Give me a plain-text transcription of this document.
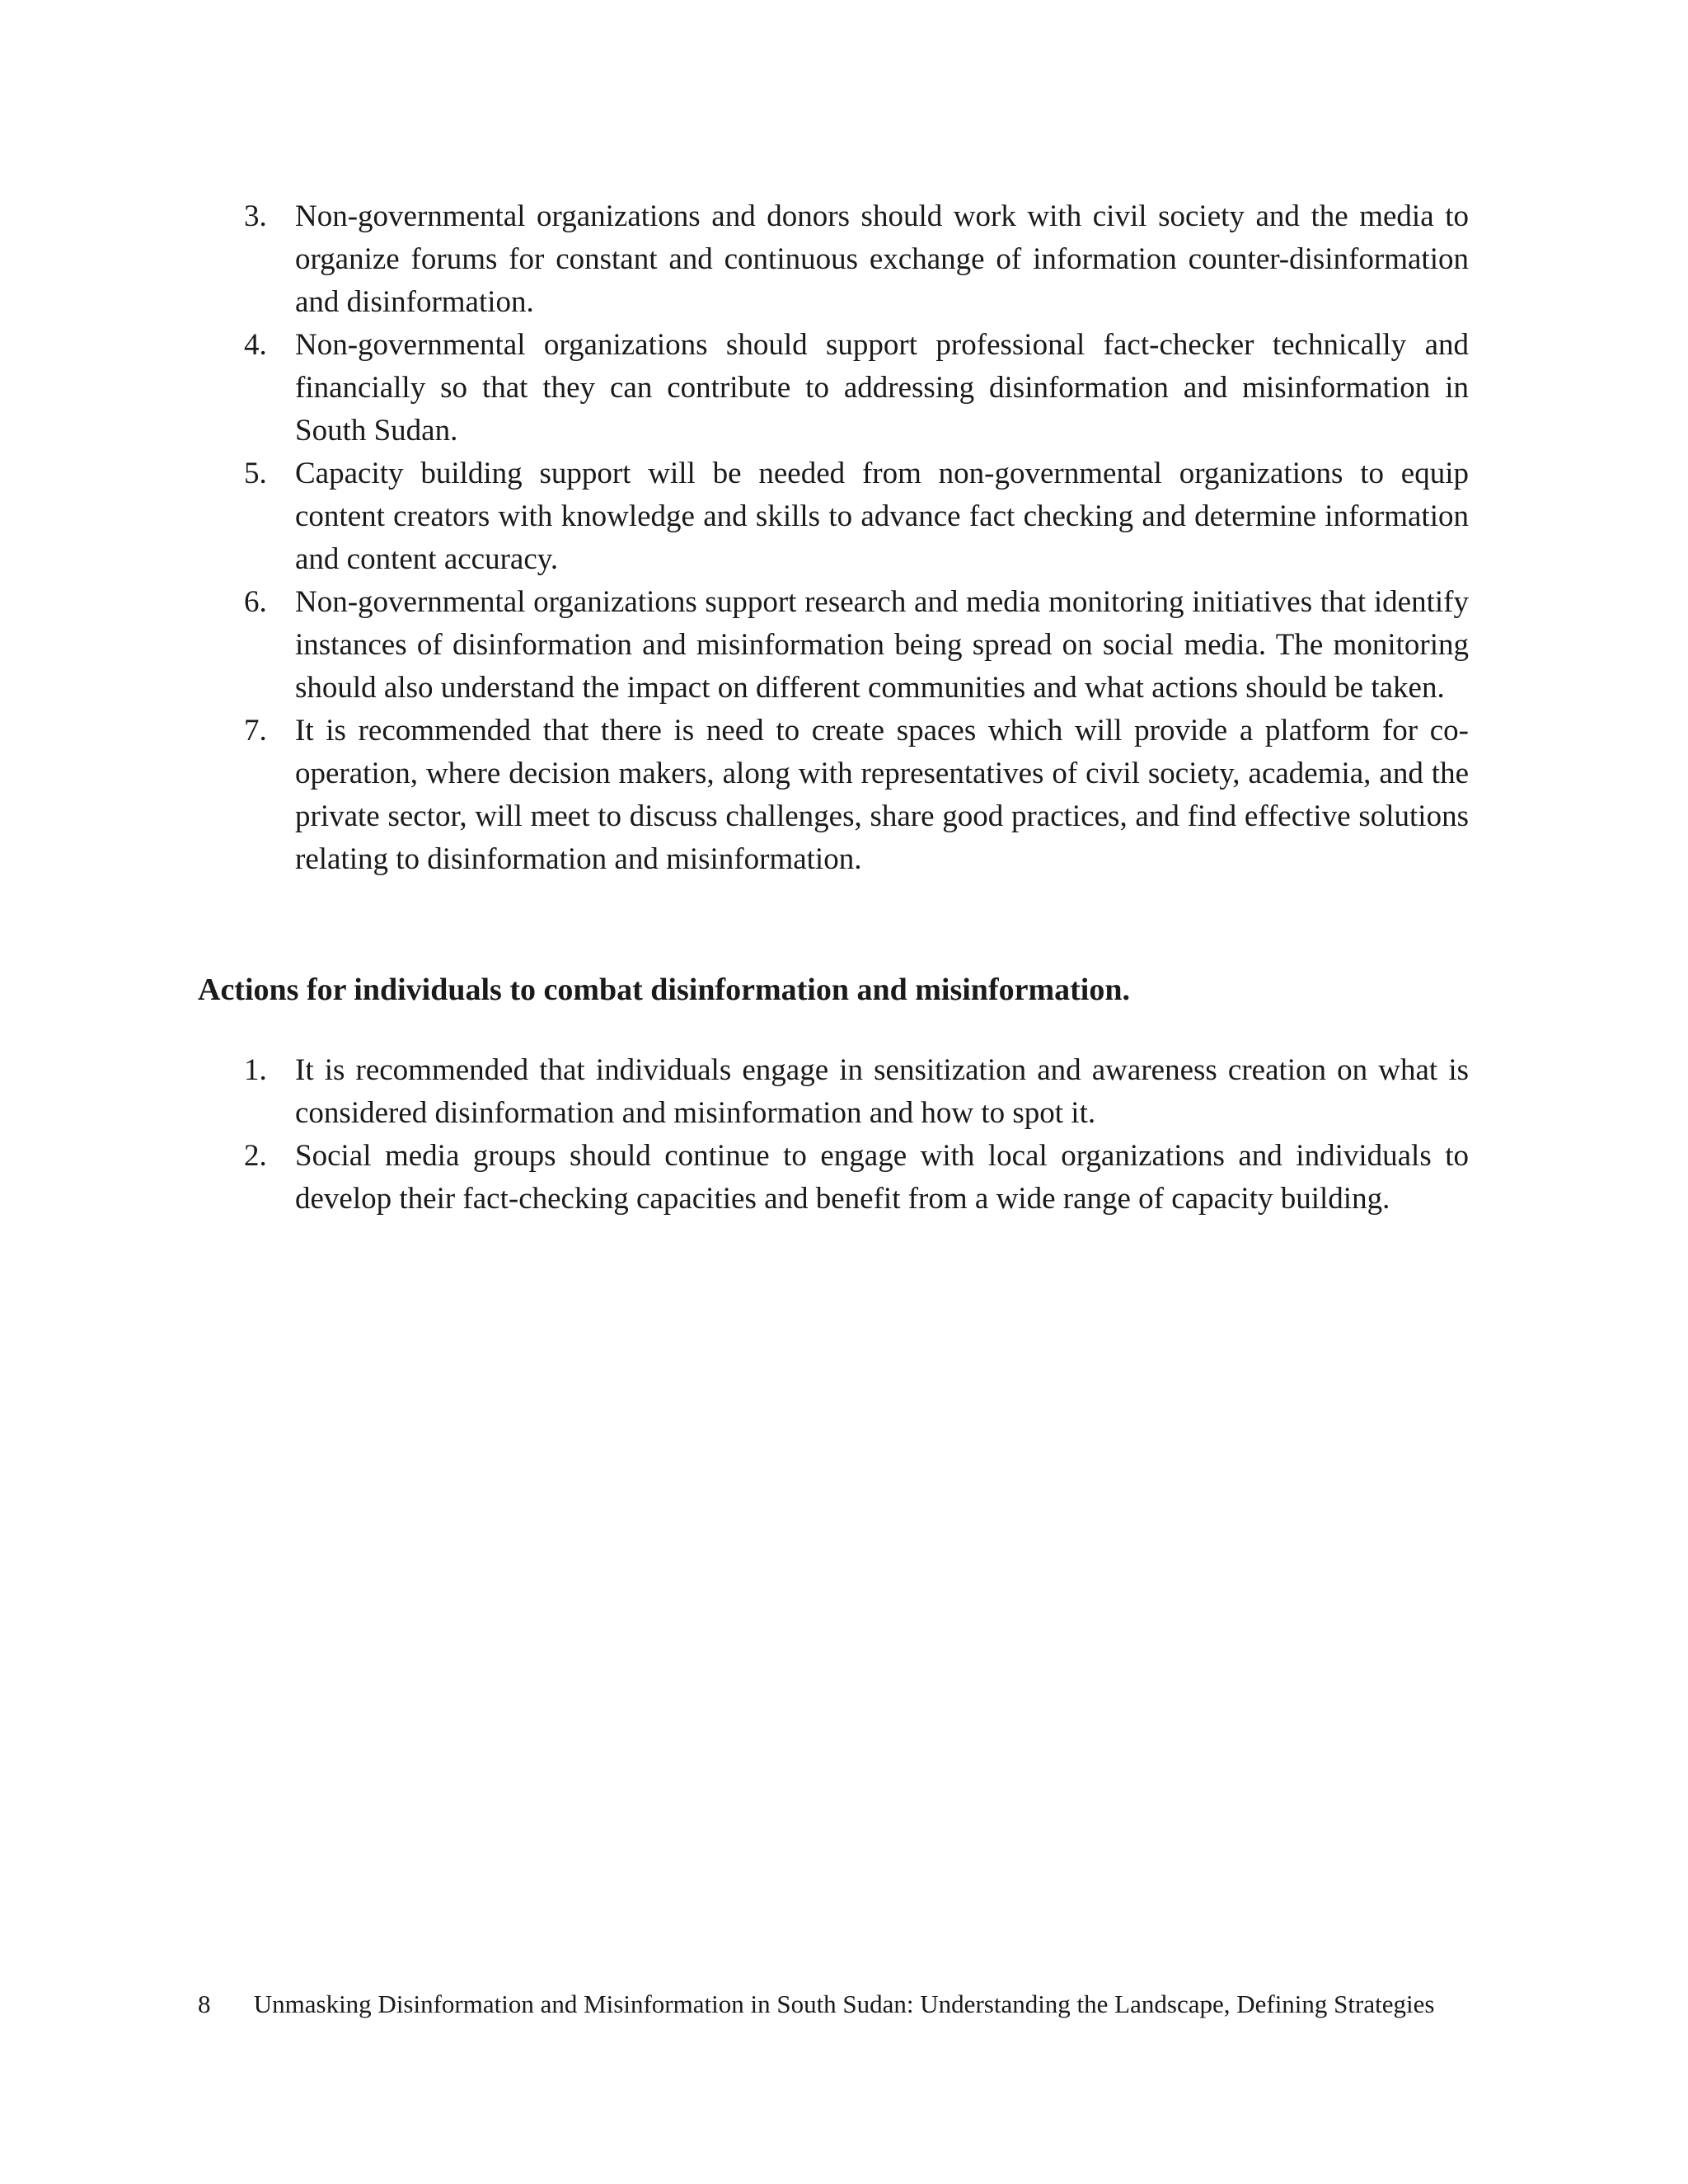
3. Non-governmental organizations and donors should work with civil society and the media to organize forums for constant and continuous exchange of information counter-disinformation and disinformation.
4. Non-governmental organizations should support professional fact-checker technically and financially so that they can contribute to addressing disinformation and misinformation in South Sudan.
5. Capacity building support will be needed from non-governmental organizations to equip content creators with knowledge and skills to advance fact checking and determine information and content accuracy.
6. Non-governmental organizations support research and media monitoring initiatives that identify instances of disinformation and misinformation being spread on social media. The monitoring should also understand the impact on different communities and what actions should be taken.
7. It is recommended that there is need to create spaces which will provide a platform for co-operation, where decision makers, along with representatives of civil society, academia, and the private sector, will meet to discuss challenges, share good practices, and find effective solutions relating to disinformation and misinformation.
Actions for individuals to combat disinformation and misinformation.
1. It is recommended that individuals engage in sensitization and awareness creation on what is considered disinformation and misinformation and how to spot it.
2. Social media groups should continue to engage with local organizations and individuals to develop their fact-checking capacities and benefit from a wide range of capacity building.
8 Unmasking Disinformation and Misinformation in South Sudan: Understanding the Landscape, Defining Strategies
